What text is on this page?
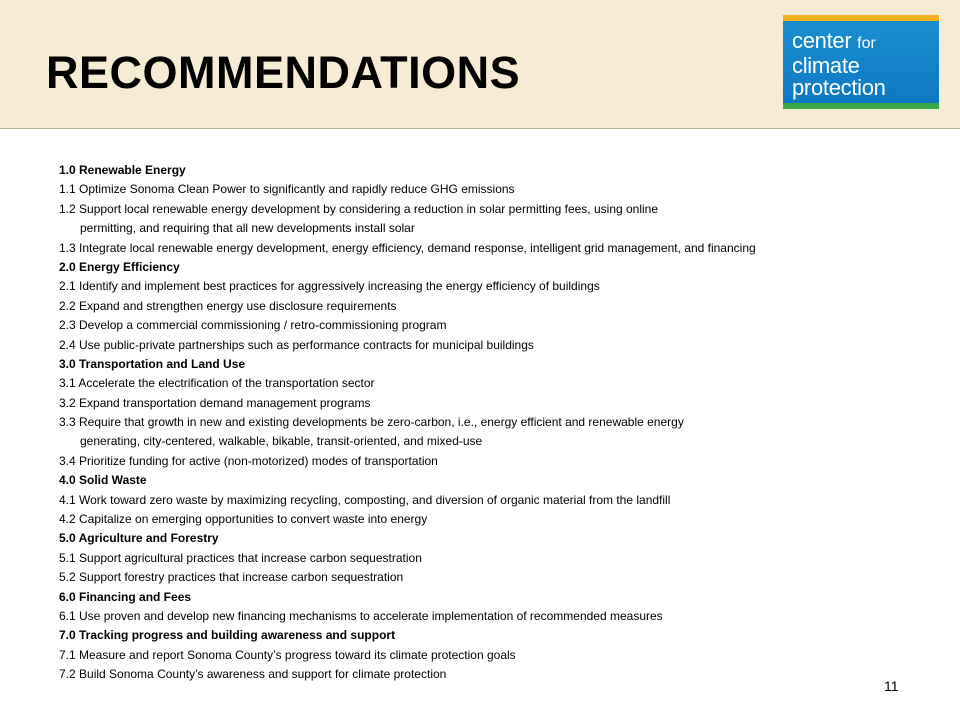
RECOMMENDATIONS
center for
climate
protection
1.0 Renewable Energy
1.1 Optimize Sonoma Clean Power to significantly and rapidly reduce GHG emissions
1.2 Support local renewable energy development by considering a reduction in solar permitting fees, using online
permitting, and requiring that all new developments install solar
1.3 Integrate local renewable energy development, energy efficiency, demand response, intelligent grid management, and financing
2.0 Energy Efficiency
2.1 Identify and implement best practices for aggressively increasing the energy efficiency of buildings
2.2 Expand and strengthen energy use disclosure requirements
2.3 Develop a commercial commissioning / retro-commissioning program
2.4 Use public-private partnerships such as performance contracts for municipal buildings
3.0 Transportation and Land Use
3.1 Accelerate the electrification of the transportation sector
3.2 Expand transportation demand management programs
3.3 Require that growth in new and existing developments be zero-carbon, i.e., energy efficient and renewable energy
generating, city-centered, walkable, bikable, transit-oriented, and mixed-use
3.4 Prioritize funding for active (non-motorized) modes of transportation
4.0 Solid Waste
4.1 Work toward zero waste by maximizing recycling, composting, and diversion of organic material from the landfill
4.2 Capitalize on emerging opportunities to convert waste into energy
5.0 Agriculture and Forestry
5.1 Support agricultural practices that increase carbon sequestration
5.2 Support forestry practices that increase carbon sequestration
6.0 Financing and Fees
6.1 Use proven and develop new financing mechanisms to accelerate implementation of recommended measures
7.0 Tracking progress and building awareness and support
7.1 Measure and report Sonoma County’s progress toward its climate protection goals
7.2 Build Sonoma County’s awareness and support for climate protection
11
